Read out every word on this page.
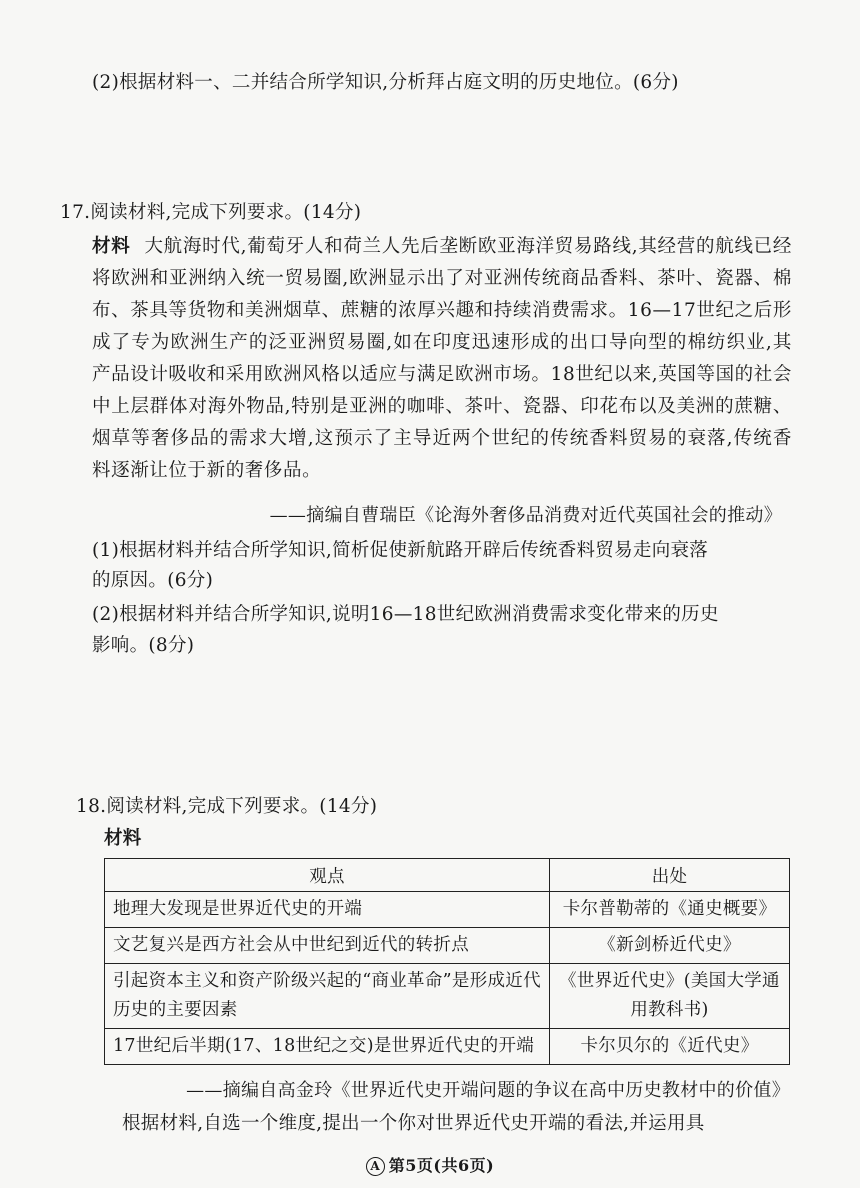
(2)根据材料一、二并结合所学知识,分析拜占庭文明的历史地位。(6分)
17.阅读材料,完成下列要求。(14分)
材料 大航海时代,葡萄牙人和荷兰人先后垄断欧亚海洋贸易路线,其经营的航线已经将欧洲和亚洲纳入统一贸易圈,欧洲显示出了对亚洲传统商品香料、茶叶、瓷器、棉布、茶具等货物和美洲烟草、蔗糖的浓厚兴趣和持续消费需求。16—17世纪之后形成了专为欧洲生产的泛亚洲贸易圈,如在印度迅速形成的出口导向型的棉纺织业,其产品设计吸收和采用欧洲风格以适应与满足欧洲市场。18世纪以来,英国等国的社会中上层群体对海外物品,特别是亚洲的咖啡、茶叶、瓷器、印花布以及美洲的蔗糖、烟草等奢侈品的需求大增,这预示了主导近两个世纪的传统香料贸易的衰落,传统香料逐渐让位于新的奢侈品。
——摘编自曹瑞臣《论海外奢侈品消费对近代英国社会的推动》
(1)根据材料并结合所学知识,简析促使新航路开辟后传统香料贸易走向衰落
的原因。(6分)
(2)根据材料并结合所学知识,说明16—18世纪欧洲消费需求变化带来的历史
影响。(8分)
18.阅读材料,完成下列要求。(14分)
材料
观点	出处
地理大发现是世界近代史的开端	卡尔普勒蒂的《通史概要》
文艺复兴是西方社会从中世纪到近代的转折点	《新剑桥近代史》
引起资本主义和资产阶级兴起的“商业革命”是形成近代历史的主要因素	《世界近代史》(美国大学通用教科书)
17世纪后半期(17、18世纪之交)是世界近代史的开端	卡尔贝尔的《近代史》
——摘编自高金玲《世界近代史开端问题的争议在高中历史教材中的价值》
根据材料,自选一个维度,提出一个你对世界近代史开端的看法,并运用具
A 第5页(共6页)
